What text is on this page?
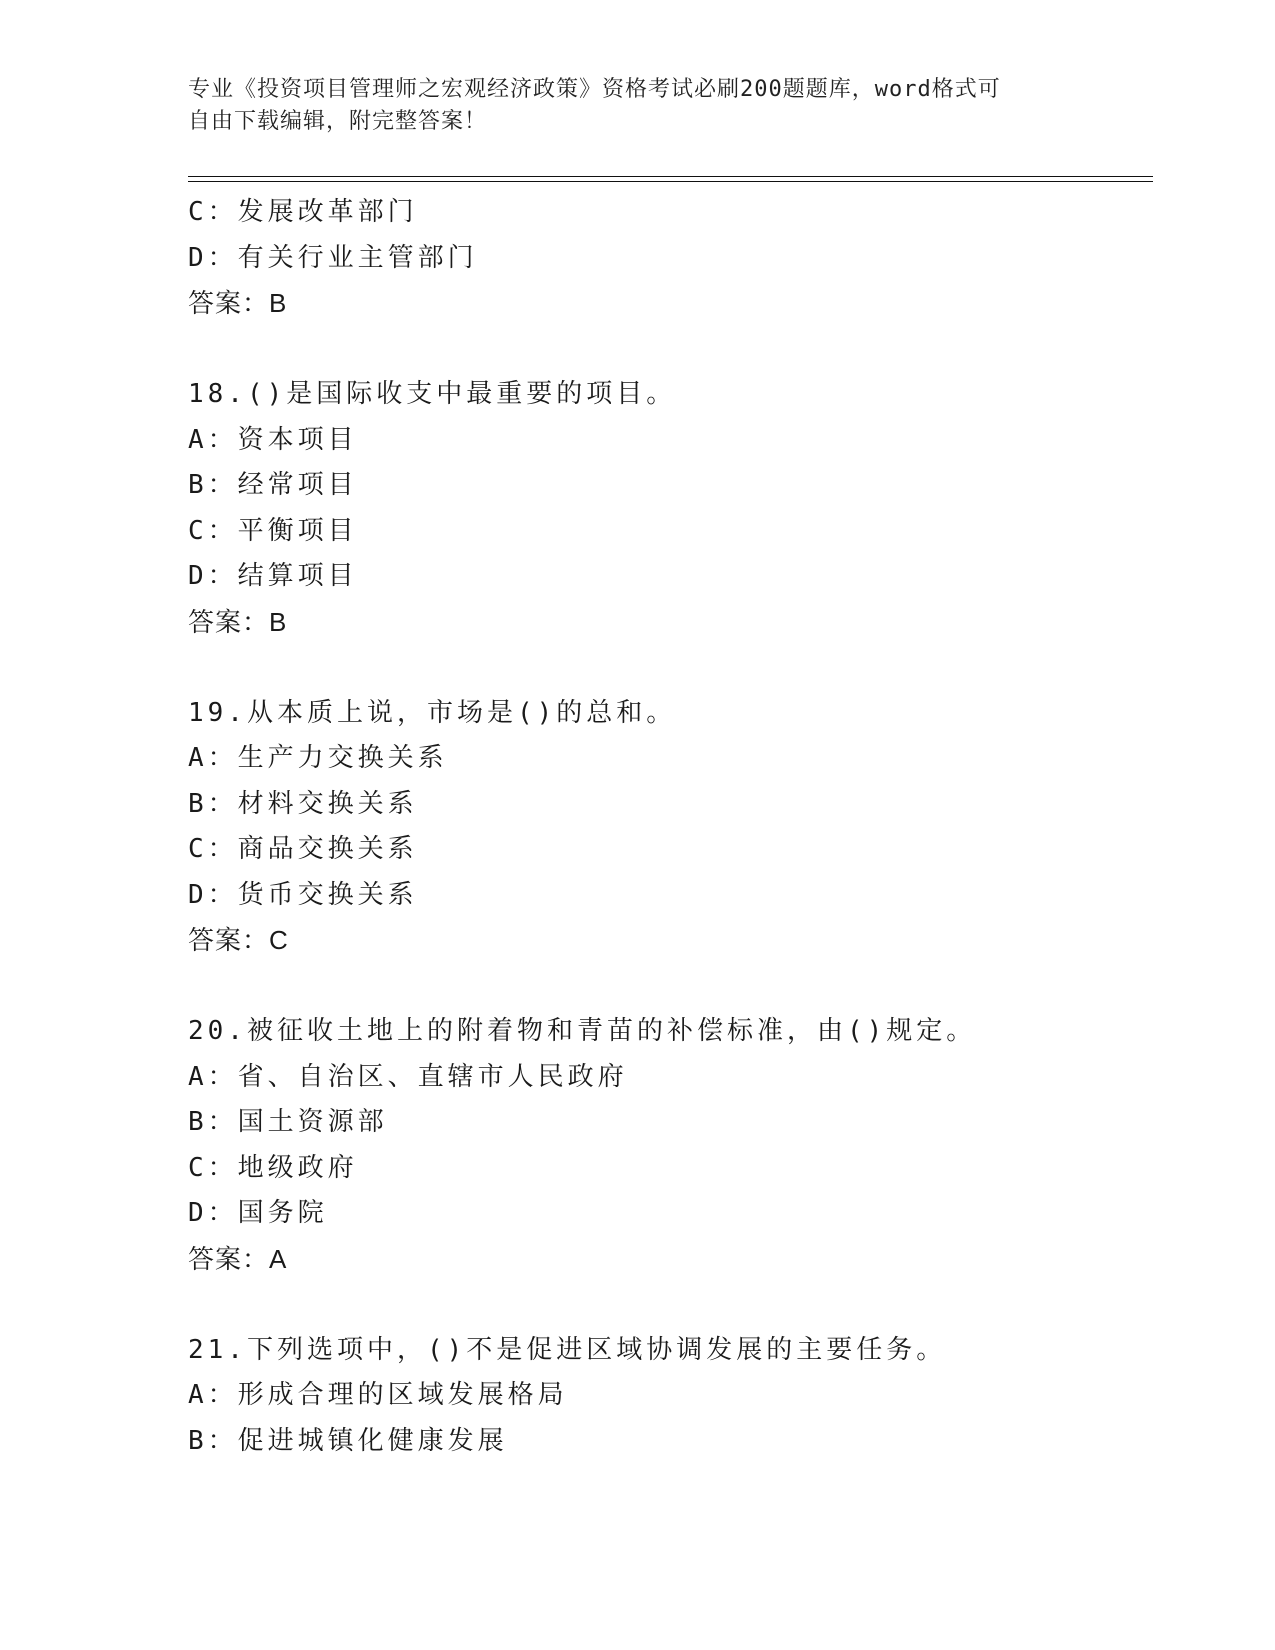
专业《投资项目管理师之宏观经济政策》资格考试必刷200题题库，word格式可
自由下载编辑，附完整答案！
C：发展改革部门
D：有关行业主管部门
答案：B
18.()是国际收支中最重要的项目。
A：资本项目
B：经常项目
C：平衡项目
D：结算项目
答案：B
19.从本质上说，市场是()的总和。
A：生产力交换关系
B：材料交换关系
C：商品交换关系
D：货币交换关系
答案：C
20.被征收土地上的附着物和青苗的补偿标准，由()规定。
A：省、自治区、直辖市人民政府
B：国土资源部
C：地级政府
D：国务院
答案：A
21.下列选项中，()不是促进区域协调发展的主要任务。
A：形成合理的区域发展格局
B：促进城镇化健康发展
